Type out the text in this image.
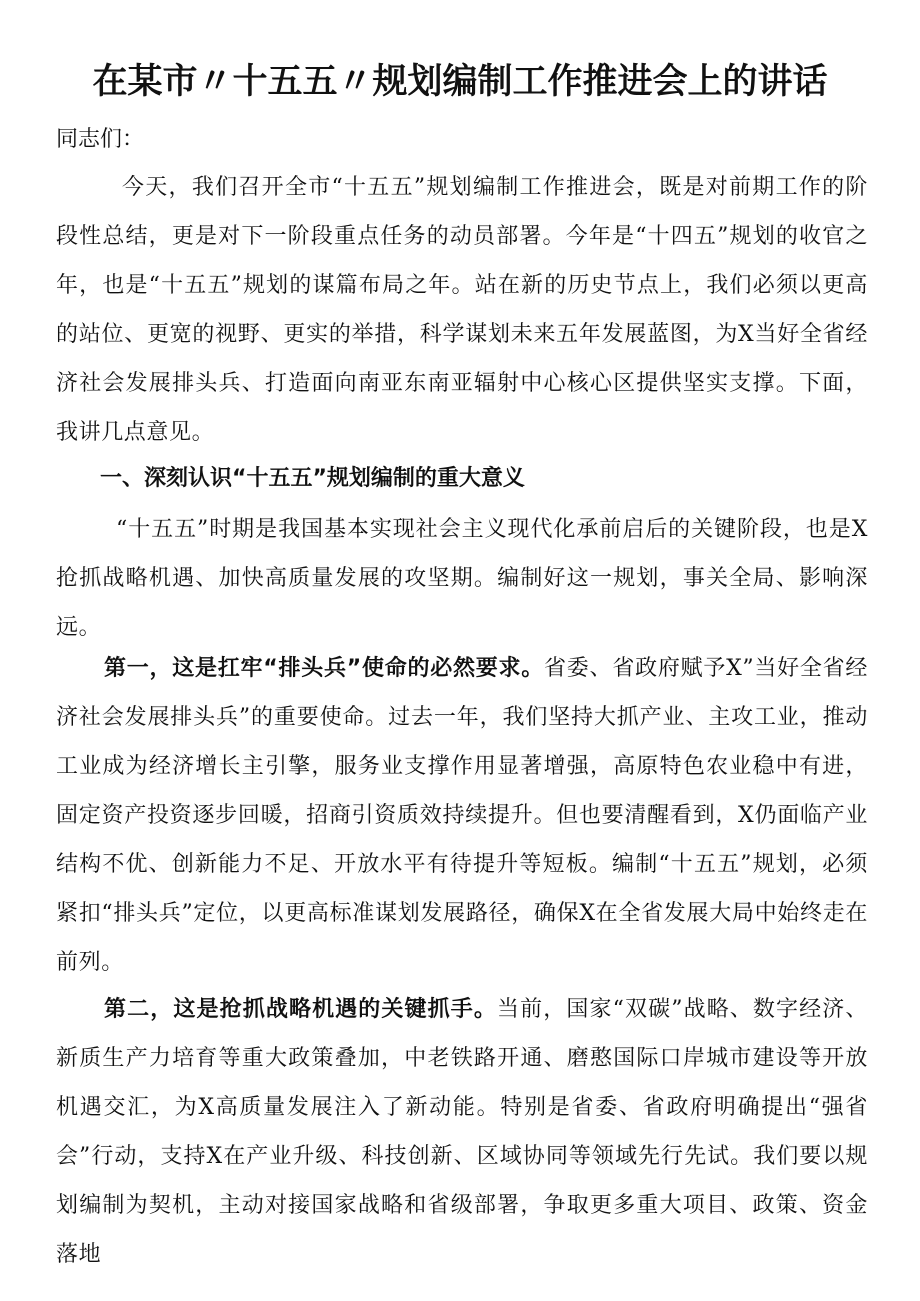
在某市〃十五五〃规划编制工作推进会上的讲话

同志们：

今天，我们召开全市“十五五”规划编制工作推进会，既是对前期工作的阶段性总结，更是对下一阶段重点任务的动员部署。今年是“十四五”规划的收官之年，也是“十五五”规划的谋篇布局之年。站在新的历史节点上，我们必须以更高的站位、更宽的视野、更实的举措，科学谋划未来五年发展蓝图，为X当好全省经济社会发展排头兵、打造面向南亚东南亚辐射中心核心区提供坚实支撑。下面，我讲几点意见。

一、深刻认识“十五五”规划编制的重大意义

“十五五”时期是我国基本实现社会主义现代化承前启后的关键阶段，也是X抢抓战略机遇、加快高质量发展的攻坚期。编制好这一规划，事关全局、影响深远。

第一，这是扛牢“排头兵”使命的必然要求。省委、省政府赋予X”当好全省经济社会发展排头兵”的重要使命。过去一年，我们坚持大抓产业、主攻工业，推动工业成为经济增长主引擎，服务业支撑作用显著增强，高原特色农业稳中有进，固定资产投资逐步回暖，招商引资质效持续提升。但也要清醒看到，X仍面临产业结构不优、创新能力不足、开放水平有待提升等短板。编制“十五五”规划，必须紧扣“排头兵”定位，以更高标准谋划发展路径，确保X在全省发展大局中始终走在前列。

第二，这是抢抓战略机遇的关键抓手。当前，国家“双碳”战略、数字经济、新质生产力培育等重大政策叠加，中老铁路开通、磨憨国际口岸城市建设等开放机遇交汇，为X高质量发展注入了新动能。特别是省委、省政府明确提出“强省会”行动，支持X在产业升级、科技创新、区域协同等领域先行先试。我们要以规划编制为契机，主动对接国家战略和省级部署，争取更多重大项目、政策、资金落地
